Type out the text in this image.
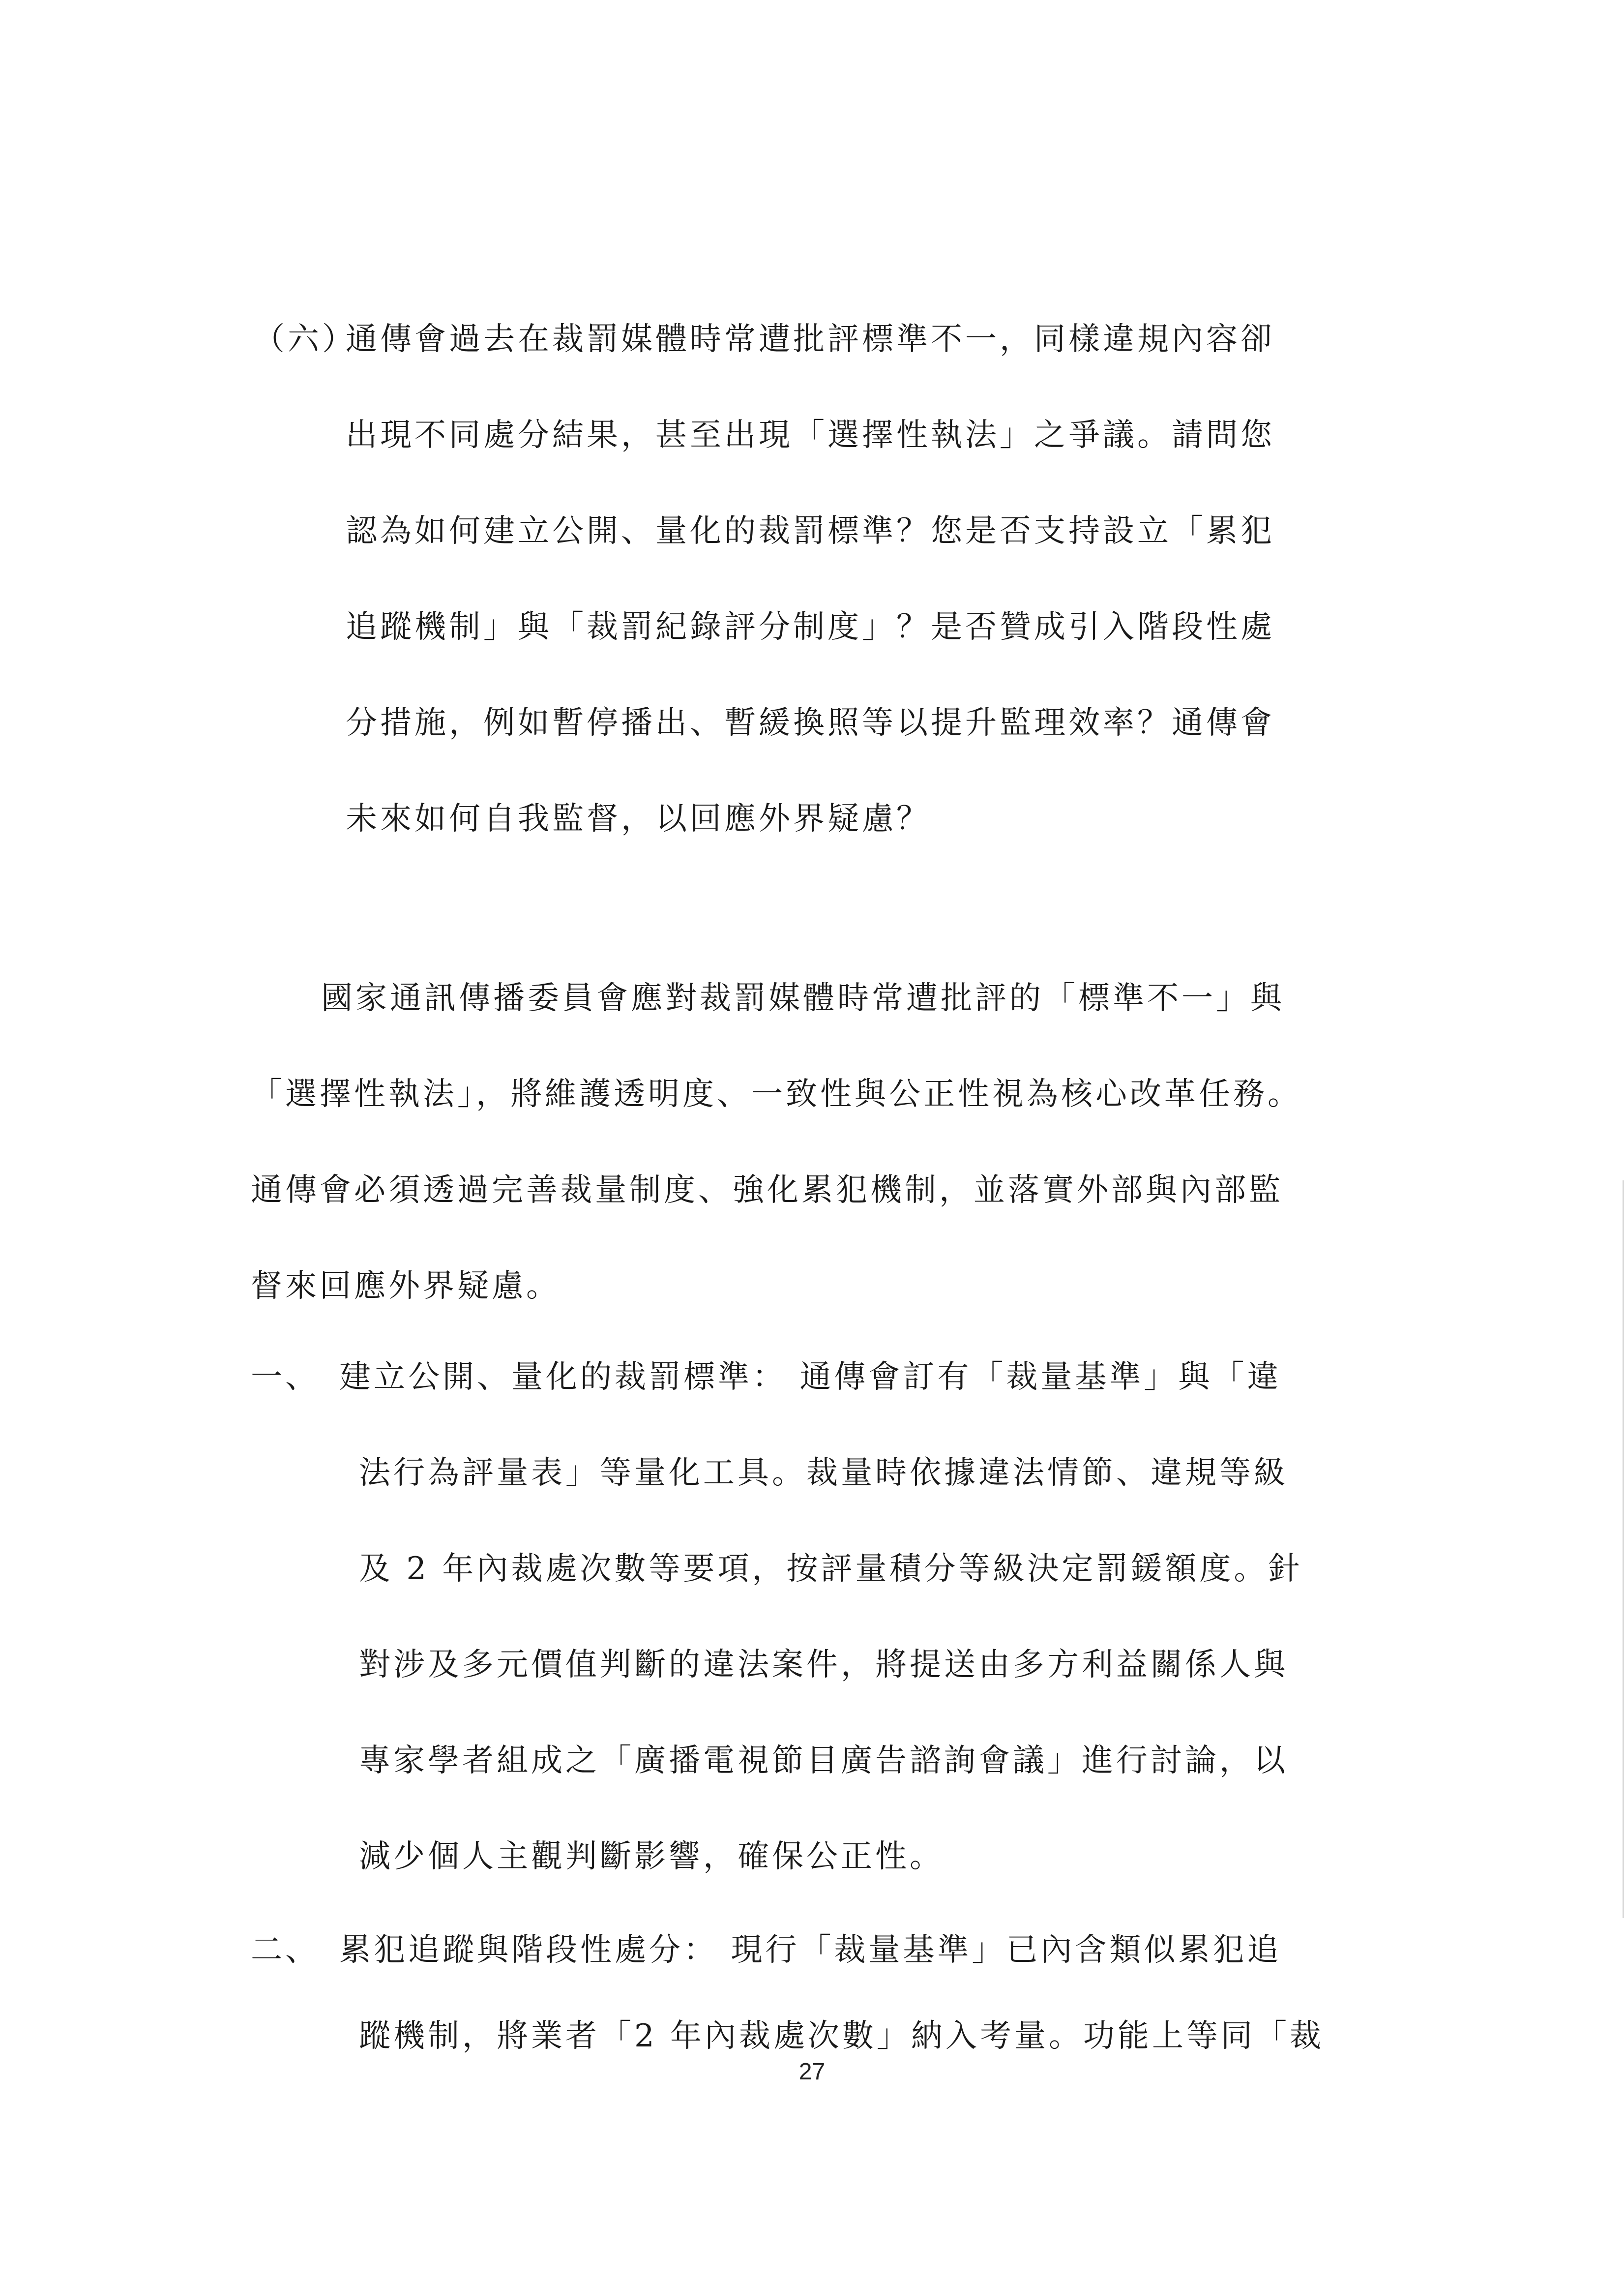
（六）
通傳會過去在裁罰媒體時常遭批評標準不一，同樣違規內容卻
出現不同處分結果，甚至出現「選擇性執法」之爭議。請問您
認為如何建立公開、量化的裁罰標準？您是否支持設立「累犯
追蹤機制」與「裁罰紀錄評分制度」？是否贊成引入階段性處
分措施，例如暫停播出、暫緩換照等以提升監理效率？通傳會
未來如何自我監督，以回應外界疑慮？
國家通訊傳播委員會應對裁罰媒體時常遭批評的「標準不一」與
「選擇性執法」，將維護透明度、一致性與公正性視為核心改革任務。
通傳會必須透過完善裁量制度、強化累犯機制，並落實外部與內部監
督來回應外界疑慮。
一、 建立公開、量化的裁罰標準： 通傳會訂有「裁量基準」與「違
法行為評量表」等量化工具。裁量時依據違法情節、違規等級
及 2 年內裁處次數等要項，按評量積分等級決定罰鍰額度。針
對涉及多元價值判斷的違法案件，將提送由多方利益關係人與
專家學者組成之「廣播電視節目廣告諮詢會議」進行討論，以
減少個人主觀判斷影響，確保公正性。
二、 累犯追蹤與階段性處分： 現行「裁量基準」已內含類似累犯追
蹤機制，將業者「2 年內裁處次數」納入考量。功能上等同「裁
27
